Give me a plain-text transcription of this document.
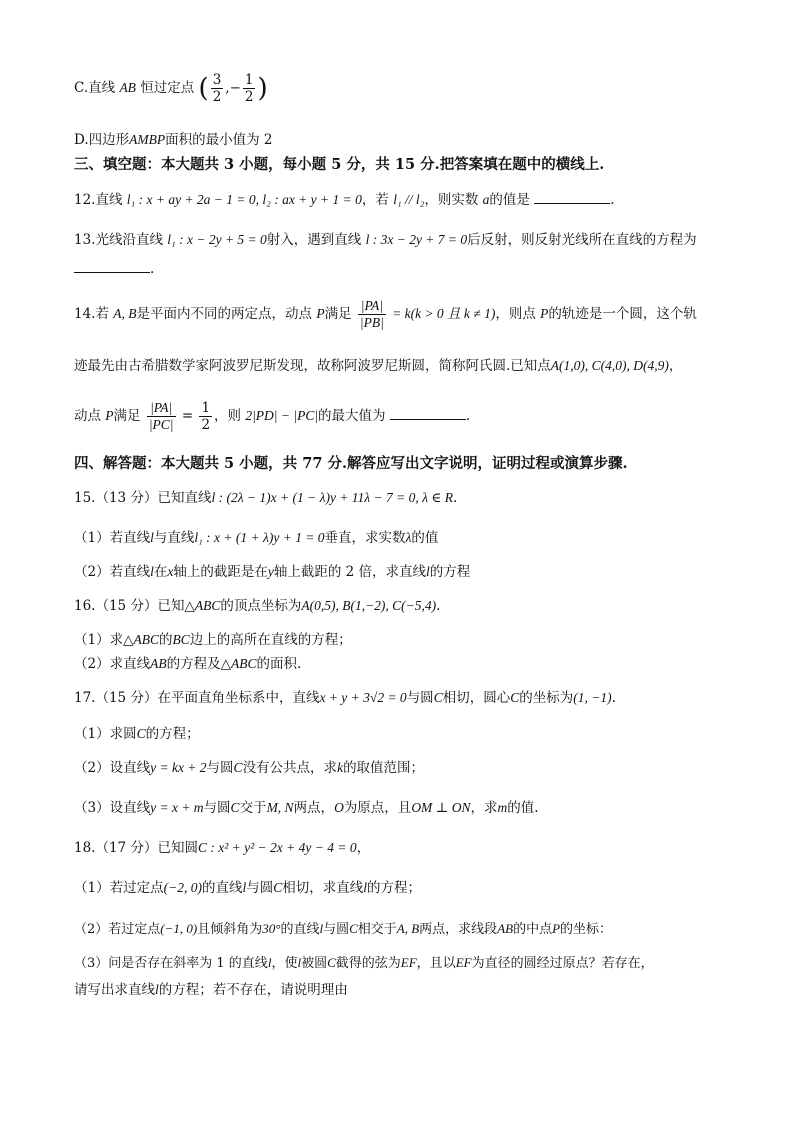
C.直线 AB 恒过定点 ( $\frac{3}{2}$ ,− $\frac{1}{2}$ )
D.四边形AMBP面积的最小值为 2
三、填空题：本大题共 3 小题，每小题 5 分，共 15 分.把答案填在题中的横线上.
12.直线 l₁ : x + ay + 2a − 1 = 0, l₂ : ax + y + 1 = 0，若 l₁ // l₂，则实数 a的值是	.
13.光线沿直线 l₁ : x − 2y + 5 = 0射入，遇到直线 l : 3x − 2y + 7 = 0后反射，则反射光线所在直线的方程为
.
14.若 A, B是平面内不同的两定点，动点 P满足 $\frac{|PA|}{|PB|} = k(k > 0$ 且 k ≠ 1)，则点 P的轨迹是一个圆，这个轨
迹最先由古希腊数学家阿波罗尼斯发现，故称阿波罗尼斯圆，简称阿氏圆.已知点A(1,0), C(4,0), D(4,9)，
动点 P满足 $\frac{|PA|}{|PC|} = \frac{1}{2}$ ，则 2|PD| − |PC|的最大值为	.
四、解答题：本大题共 5 小题，共 77 分.解答应写出文字说明，证明过程或演算步骤.
15.（13 分）已知直线l : (2λ − 1)x + (1 − λ)y + 11λ − 7 = 0, λ ∈ R.
（1）若直线l与直线l₁ : x + (1 + λ)y + 1 = 0垂直，求实数λ的值
（2）若直线l在x轴上的截距是在y轴上截距的 2 倍，求直线l的方程
16.（15 分）已知△ABC的顶点坐标为A(0,5), B(1,−2), C(−5,4).
（1）求△ABC的BC边上的高所在直线的方程；
（2）求直线AB的方程及△ABC的面积.
17.（15 分）在平面直角坐标系中，直线x + y + 3√2 = 0与圆C相切，圆心C的坐标为(1, −1).
（1）求圆C的方程；
（2）设直线y = kx + 2与圆C没有公共点，求k的取值范围；
（3）设直线y = x + m与圆C交于M, N两点，O为原点，且OM ⊥ ON，求m的值.
18.（17 分）已知圆C : x² + y² − 2x + 4y − 4 = 0，
（1）若过定点(−2, 0)的直线l与圆C相切，求直线l的方程；
（2）若过定点(−1, 0)且倾斜角为30°的直线l与圆C相交于A, B两点，求线段AB的中点P的坐标：
（3）问是否存在斜率为 1 的直线l，使l被圆C截得的弦为EF，且以EF为直径的圆经过原点？若存在，
请写出求直线l的方程；若不存在，请说明理由
